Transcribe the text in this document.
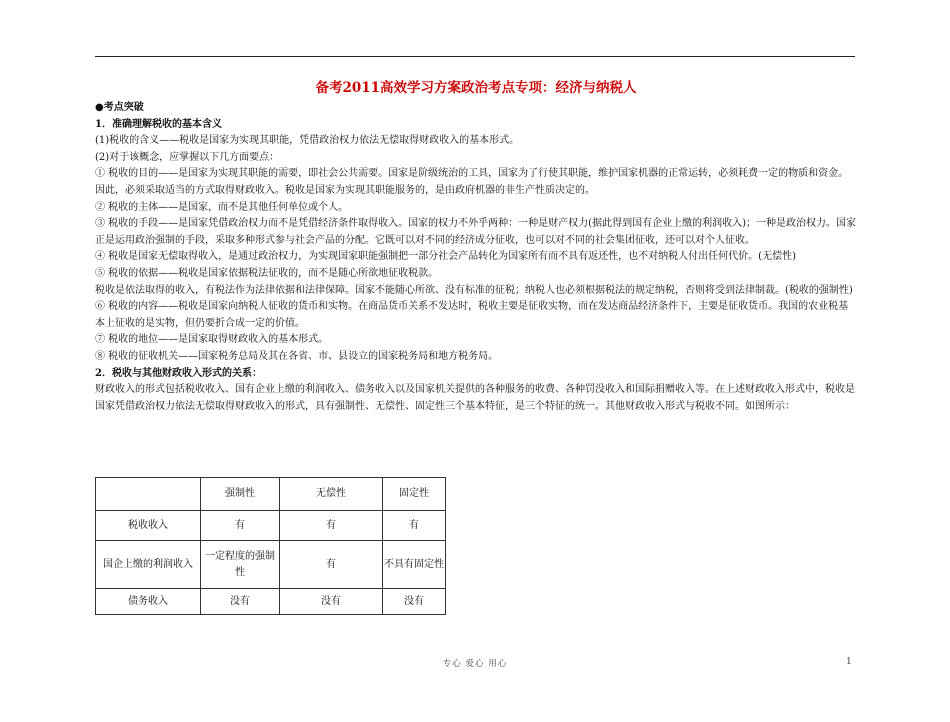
备考2011高效学习方案政治考点专项：经济与纳税人

●考点突破

1．准确理解税收的基本含义

(1)税收的含义——税收是国家为实现其职能，凭借政治权力依法无偿取得财政收入的基本形式。

(2)对于该概念，应掌握以下几方面要点：

① 税收的目的——是国家为实现其职能的需要，即社会公共需要。国家是阶级统治的工具，国家为了行使其职能，维护国家机器的正常运转，必须耗费一定的物质和资金。因此，必须采取适当的方式取得财政收入。税收是国家为实现其职能服务的，是由政府机器的非生产性质决定的。

② 税收的主体——是国家，而不是其他任何单位或个人。

③ 税收的手段——是国家凭借政治权力而不是凭借经济条件取得收入。国家的权力不外乎两种：一种是财产权力(据此得到国有企业上缴的利润收入)；一种是政治权力。国家正是运用政治强制的手段，采取多种形式参与社会产品的分配。它既可以对不同的经济成分征收，也可以对不同的社会集团征收，还可以对个人征收。

④ 税收是国家无偿取得收入，是通过政治权力，为实现国家职能强制把一部分社会产品转化为国家所有而不具有返还性，也不对纳税人付出任何代价。(无偿性)

⑤ 税收的依据——税收是国家依据税法征收的，而不是随心所欲地征收税款。

税收是依法取得的收入，有税法作为法律依据和法律保障。国家不能随心所欲、没有标准的征税；纳税人也必须根据税法的规定纳税，否则将受到法律制裁。(税收的强制性)

⑥ 税收的内容——税收是国家向纳税人征收的货币和实物。在商品货币关系不发达时，税收主要是征收实物，而在发达商品经济条件下，主要是征收货币。我国的农业税基本上征收的是实物，但仍要折合成一定的价值。

⑦ 税收的地位——是国家取得财政收入的基本形式。

⑧ 税收的征收机关——国家税务总局及其在各省、市、县设立的国家税务局和地方税务局。

2．税收与其他财政收入形式的关系：

财政收入的形式包括税收收入、国有企业上缴的利润收入、债务收入以及国家机关提供的各种服务的收费、各种罚没收入和国际捐赠收入等。在上述财政收入形式中，税收是国家凭借政治权力依法无偿取得财政收入的形式，具有强制性、无偿性、固定性三个基本特征，是三个特征的统一。其他财政收入形式与税收不同。如图所示：

	强制性	无偿性	固定性
税收收入	有	有	有
国企上缴的利润收入	一定程度的强制性	有	不具有固定性
债务收入	没有	没有	没有
专心 爱心 用心	1
